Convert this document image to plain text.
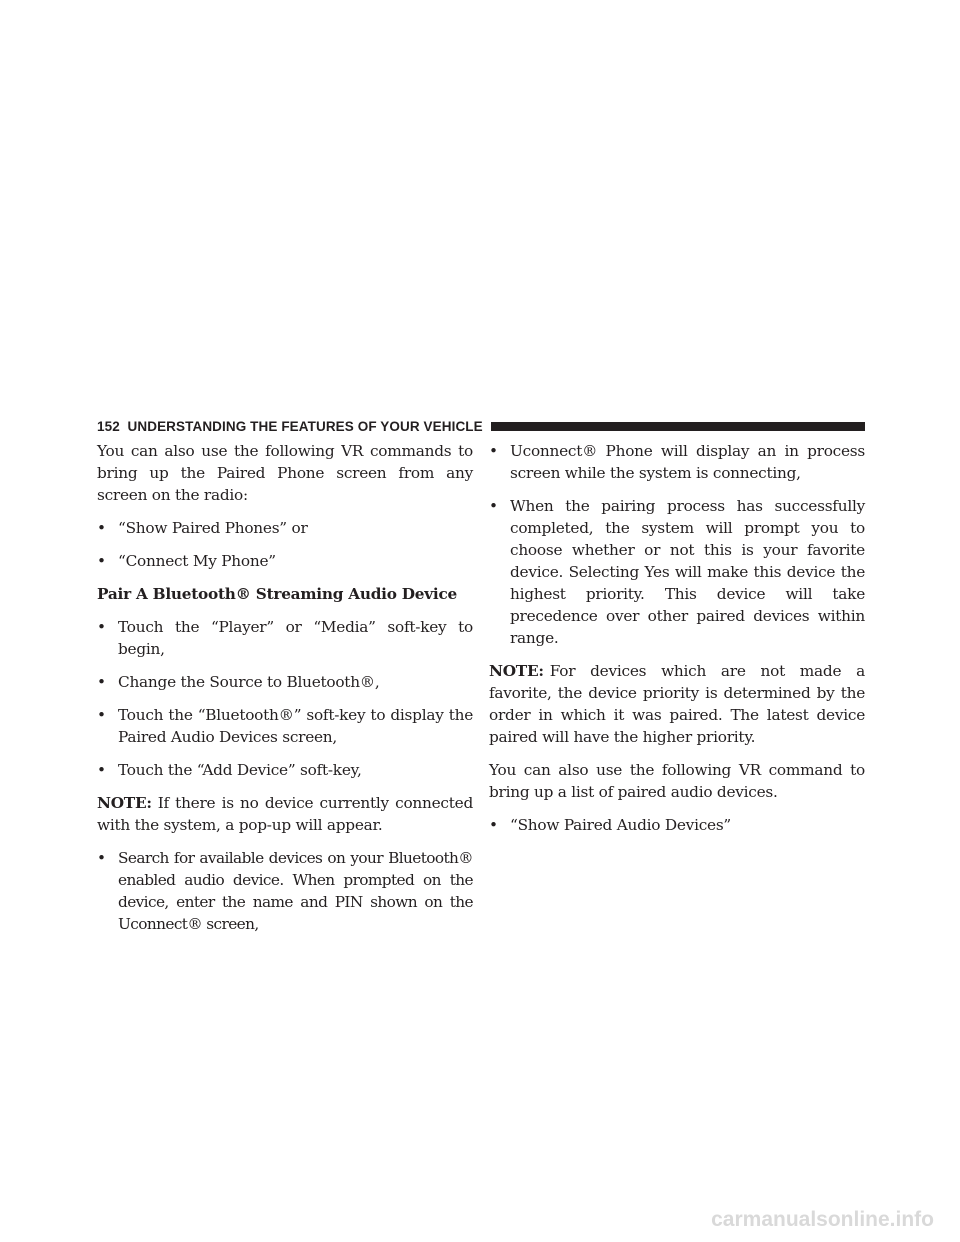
152 UNDERSTANDING THE FEATURES OF YOUR VEHICLE

You can also use the following VR commands to bring up the Paired Phone screen from any screen on the radio:

• “Show Paired Phones” or
• “Connect My Phone”
Pair A Bluetooth® Streaming Audio Device
• Touch the “Player” or “Media” soft-key to begin,
• Change the Source to Bluetooth®,
• Touch the “Bluetooth®” soft-key to display the Paired Audio Devices screen,
• Touch the “Add Device” soft-key,

NOTE: If there is no device currently connected with the system, a pop-up will appear.

• Search for available devices on your Bluetooth® enabled audio device. When prompted on the device, enter the name and PIN shown on the Uconnect® screen,
• Uconnect® Phone will display an in process screen while the system is connecting,
• When the pairing process has successfully completed, the system will prompt you to choose whether or not this is your favorite device. Selecting Yes will make this device the highest priority. This device will take precedence over other paired devices within range.

NOTE: For devices which are not made a favorite, the device priority is determined by the order in which it was paired. The latest device paired will have the higher priority.

You can also use the following VR command to bring up a list of paired audio devices.

• “Show Paired Audio Devices”
carmanualsonline.info
